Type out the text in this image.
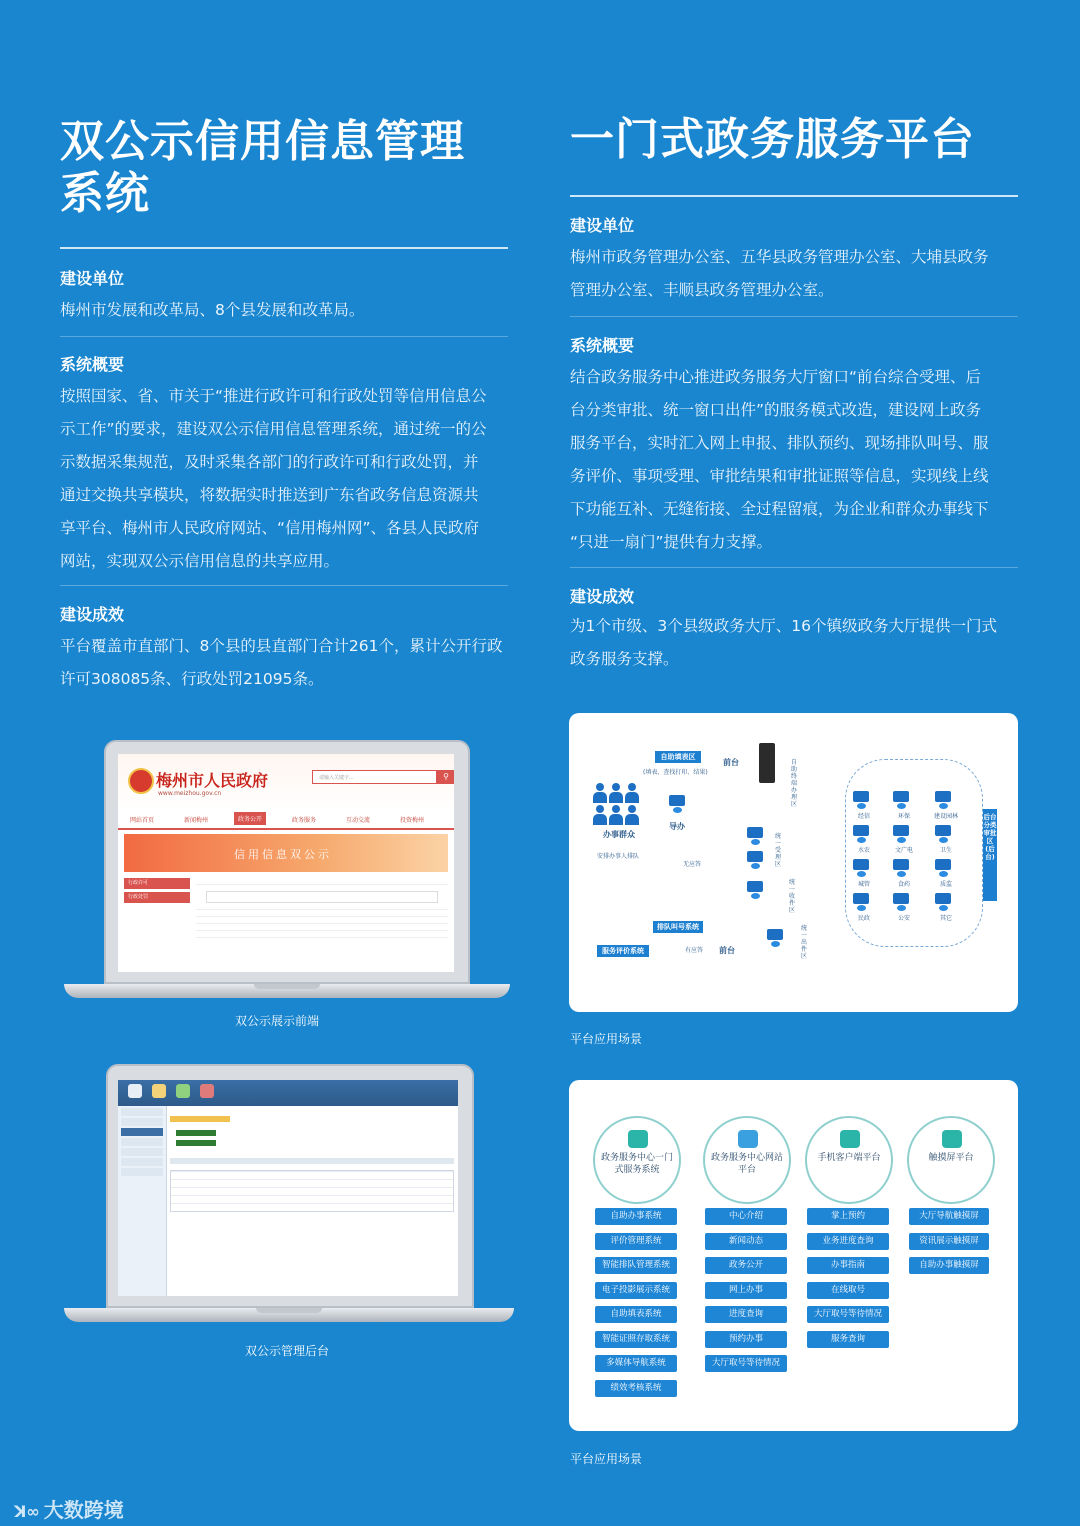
双公示信用信息管理
系统
建设单位
梅州市发展和改革局、8个县发展和改革局。
系统概要
按照国家、省、市关于“推进行政许可和行政处罚等信用信息公
示工作”的要求，建设双公示信用信息管理系统，通过统一的公
示数据采集规范，及时采集各部门的行政许可和行政处罚，并
通过交换共享模块，将数据实时推送到广东省政务信息资源共
享平台、梅州市人民政府网站、“信用梅州网”、各县人民政府
网站，实现双公示信用信息的共享应用。
建设成效
平台覆盖市直部门、8个县的县直部门合计261个，累计公开行政
许可308085条、行政处罚21095条。
梅州市人民政府
www.meizhou.gov.cn
请输入关键字...	⚲
网站首页	新闻梅州	政务公开	政务服务	互动交流	投资梅州
信用信息双公示
行政许可
行政处罚
双公示展示前端
双公示管理后台
一门式政务服务平台
建设单位
梅州市政务管理办公室、五华县政务管理办公室、大埔县政务
管理办公室、丰顺县政务管理办公室。
系统概要
结合政务服务中心推进政务服务大厅窗口“前台综合受理、后
台分类审批、统一窗口出件”的服务模式改造，建设网上政务
服务平台，实时汇入网上申报、排队预约、现场排队叫号、服
务评价、事项受理、审批结果和审批证照等信息，实现线上线
下功能互补、无缝衔接、全过程留痕，为企业和群众办事线下
“只进一扇门”提供有力支撑。
建设成效
为1个市级、3个县级政务大厅、16个镇级政务大厅提供一门式
政务服务支撑。
自助填表区
(填表、查找打印、结果)
前台
办事群众
导办
安排办事人排队
无应答
排队叫号系统
服务评价系统	有应答 前台
自助终端办理区
统一受理区
统一收件区
统一出件区
后台分类审批区(后台)
经信	环保	建设园林
水农	文广电	卫生
城管	食药	质监
民政	公安	其它
平台应用场景
政务服务中心一门式服务系统
自助办事系统
评价管理系统
智能排队管理系统
电子投影展示系统
自助填表系统
智能证照存取系统
多媒体导航系统
绩效考核系统
政务服务中心网站平台
中心介绍
新闻动态
政务公开
网上办事
进度查询
预约办事
大厅取号等待情况
手机客户端平台
掌上预约
业务进度查询
办事指南
在线取号
大厅取号等待情况
服务查询
触摸屏平台
大厅导航触摸屏
资讯展示触摸屏
自助办事触摸屏
平台应用场景
ꓘ∞ 大数跨境
